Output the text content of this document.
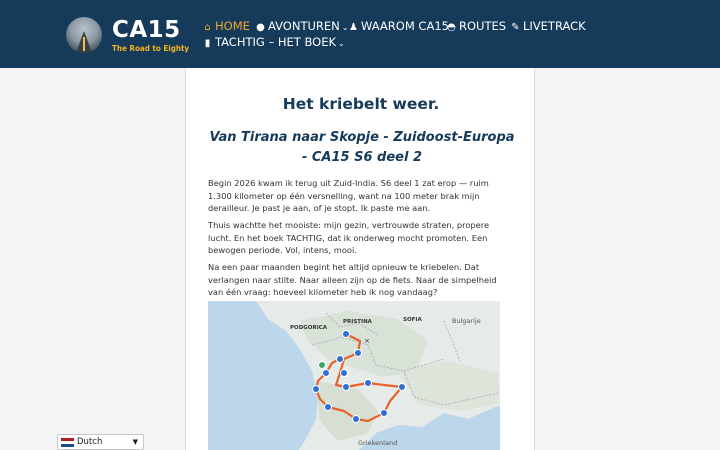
CA15
The Road to Eighty
⌂ HOME ● AVONTUREN ⌄ ♟ WAAROM CA15
◓ ROUTES ✎ LIVETRACK
▮ TACHTIG – HET BOEK ⌄
Het kriebelt weer.
Van Tirana naar Skopje - Zuidoost-Europa - CA15 S6 deel 2
Begin 2026 kwam ik terug uit Zuid-India. S6 deel 1 zat erop — ruim 1.300 kilometer op één versnelling, want na 100 meter brak mijn derailleur. Je past je aan, of je stopt. Ik paste me aan.
Thuis wachtte het mooiste: mijn gezin, vertrouwde straten, propere lucht. En het boek TACHTIG, dat ik onderweg mocht promoten. Een bewogen periode. Vol, intens, mooi.
Na een paar maanden begint het altijd opnieuw te kriebelen. Dat verlangen naar stilte. Naar alleen zijn op de fiets. Naar de simpelheid van één vraag: hoeveel kilometer heb ik nog vandaag?
×
PRISTINA	SOFIA
PODGORICA
Bulgarije
Griekenland
Dutch	▼
